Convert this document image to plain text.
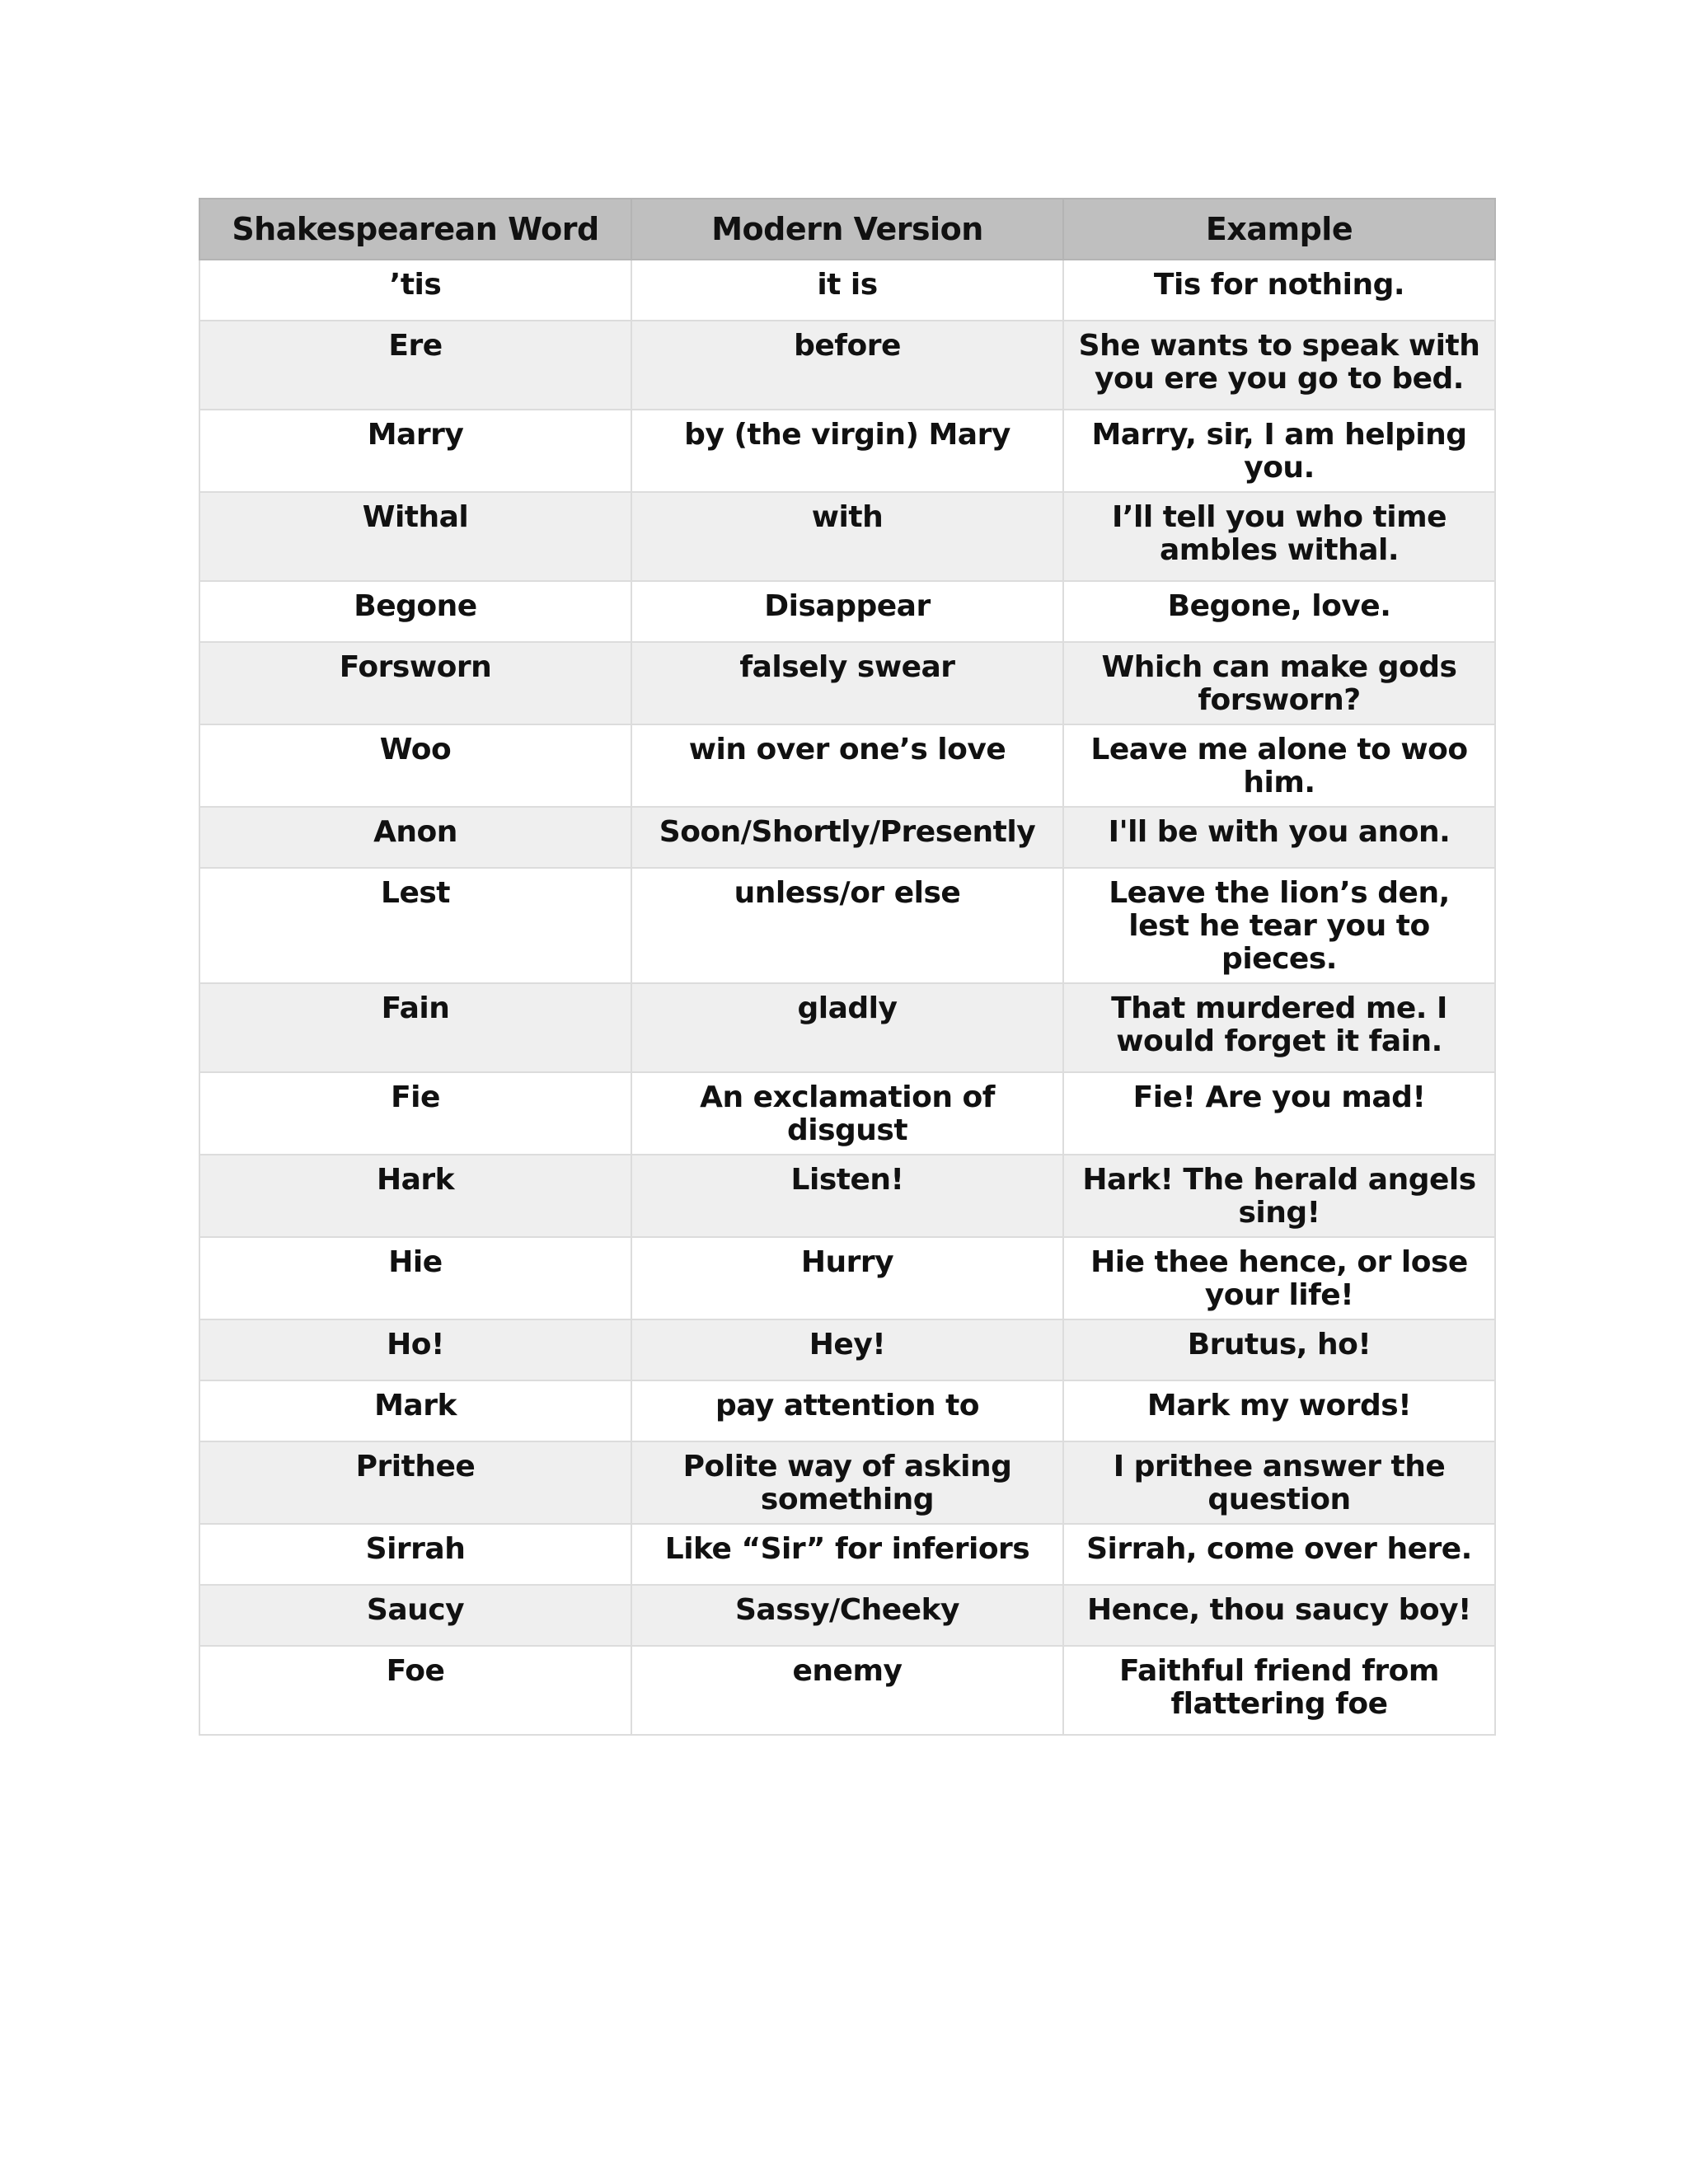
Shakespearean Word	Modern Version	Example
’tis	it is	Tis for nothing.
Ere	before	She wants to speak with you ere you go to bed.
Marry	by (the virgin) Mary	Marry, sir, I am helping you.
Withal	with	I’ll tell you who time ambles withal.
Begone	Disappear	Begone, love.
Forsworn	falsely swear	Which can make gods forsworn?
Woo	win over one’s love	Leave me alone to woo him.
Anon	Soon/Shortly/Presently	I'll be with you anon.
Lest	unless/or else	Leave the lion’s den, lest he tear you to pieces.
Fain	gladly	That murdered me. I would forget it fain.
Fie	An exclamation of disgust	Fie! Are you mad!
Hark	Listen!	Hark! The herald angels sing!
Hie	Hurry	Hie thee hence, or lose your life!
Ho!	Hey!	Brutus, ho!
Mark	pay attention to	Mark my words!
Prithee	Polite way of asking something	I prithee answer the question
Sirrah	Like “Sir” for inferiors	Sirrah, come over here.
Saucy	Sassy/Cheeky	Hence, thou saucy boy!
Foe	enemy	Faithful friend from flattering foe
